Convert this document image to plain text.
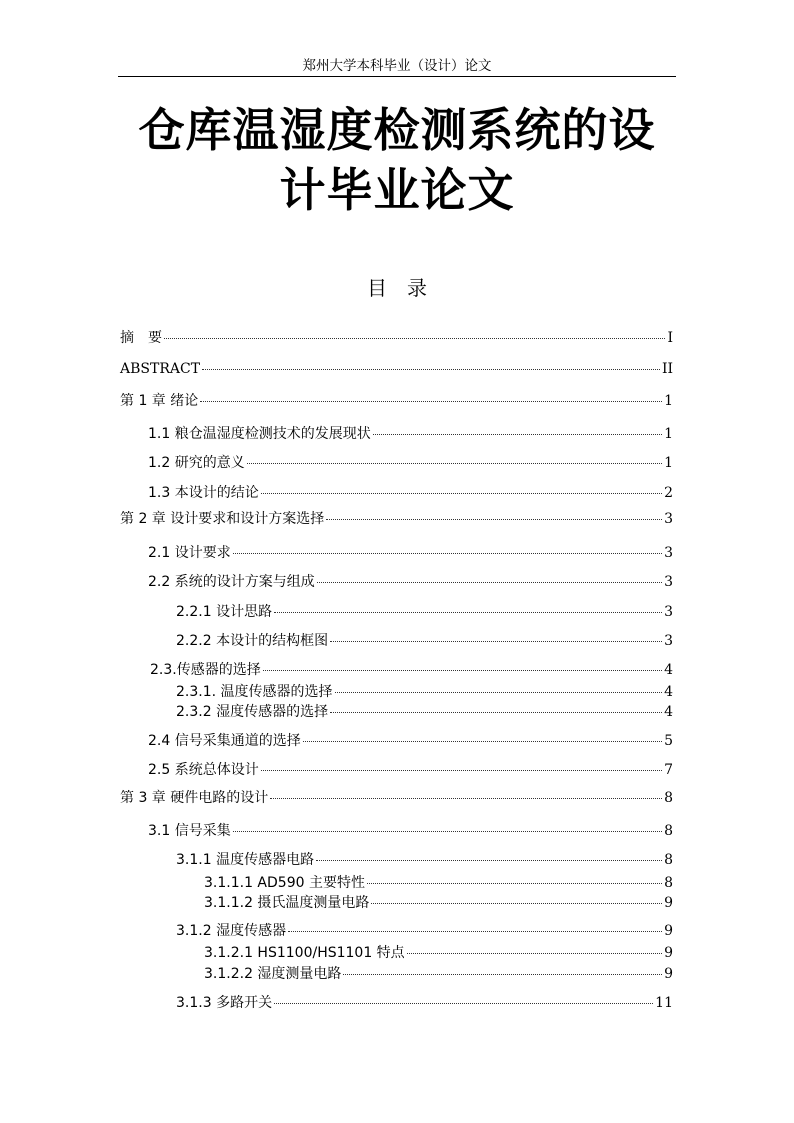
郑州大学本科毕业（设计）论文
仓库温湿度检测系统的设
计毕业论文
目录
摘　要	I
ABSTRACT	II
第 1 章 绪论	1
1.1 粮仓温湿度检测技术的发展现状	1
1.2 研究的意义	1
1.3 本设计的结论	2
第 2 章 设计要求和设计方案选择	3
2.1 设计要求	3
2.2 系统的设计方案与组成	3
2.2.1 设计思路	3
2.2.2 本设计的结构框图	3
2.3.传感器的选择	4
2.3.1. 温度传感器的选择	4
2.3.2 湿度传感器的选择	4
2.4 信号采集通道的选择	5
2.5 系统总体设计	7
第 3 章 硬件电路的设计	8
3.1 信号采集	8
3.1.1 温度传感器电路	8
3.1.1.1 AD590 主要特性	8
3.1.1.2 摄氏温度测量电路	9
3.1.2 湿度传感器	9
3.1.2.1 HS1100/HS1101 特点	9
3.1.2.2 湿度测量电路	9
3.1.3 多路开关	11
